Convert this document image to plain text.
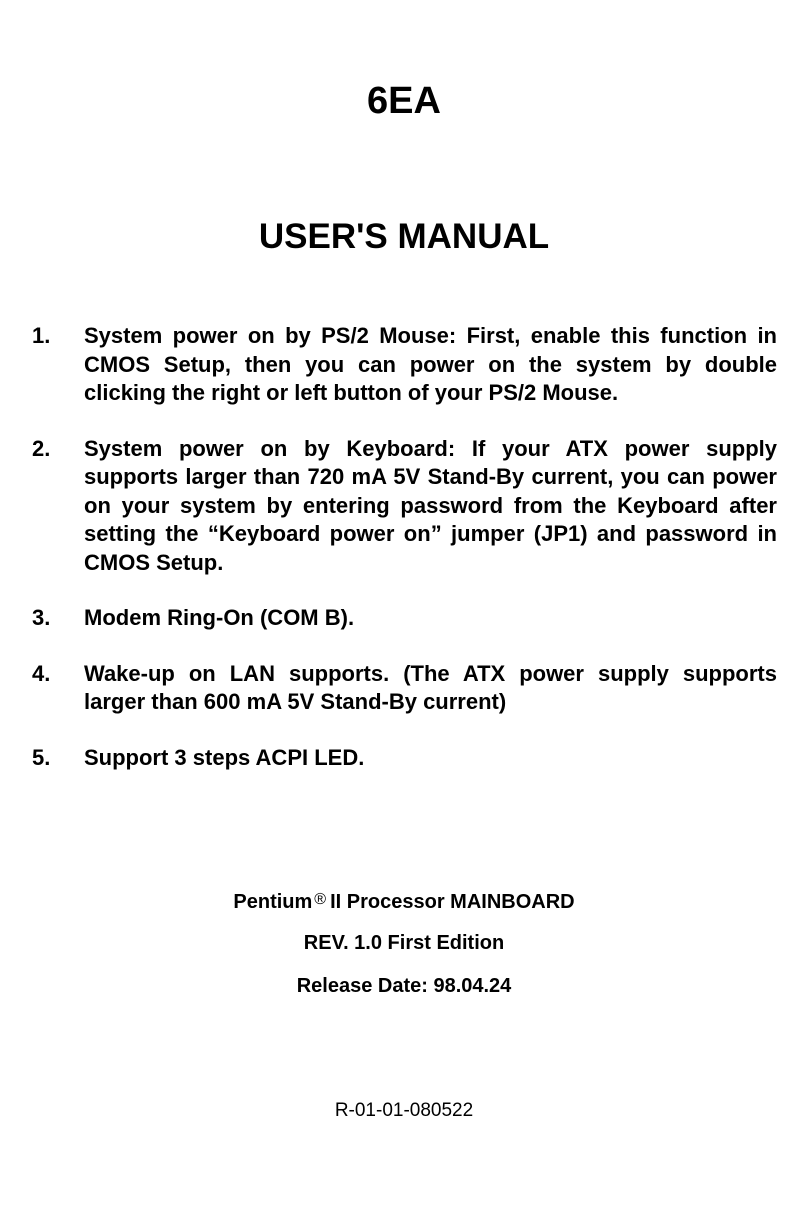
6EA
USER'S MANUAL
1.	System power on by PS/2 Mouse: First, enable this function in CMOS Setup, then you can power on the system by double clicking the right or left button of your PS/2 Mouse.
2.	System power on by Keyboard: If your ATX power supply supports larger than 720 mA 5V Stand-By current, you can power on your system by entering password from the Keyboard after setting the “Keyboard power on” jumper (JP1) and password in CMOS Setup.
3.	Modem Ring-On (COM B).
4.	Wake-up on LAN supports. (The ATX power supply supports larger than 600 mA 5V Stand-By current)
5.	Support 3 steps ACPI LED.

Pentium ® II Processor MAINBOARD

REV. 1.0 First Edition

Release Date: 98.04.24

R-01-01-080522
